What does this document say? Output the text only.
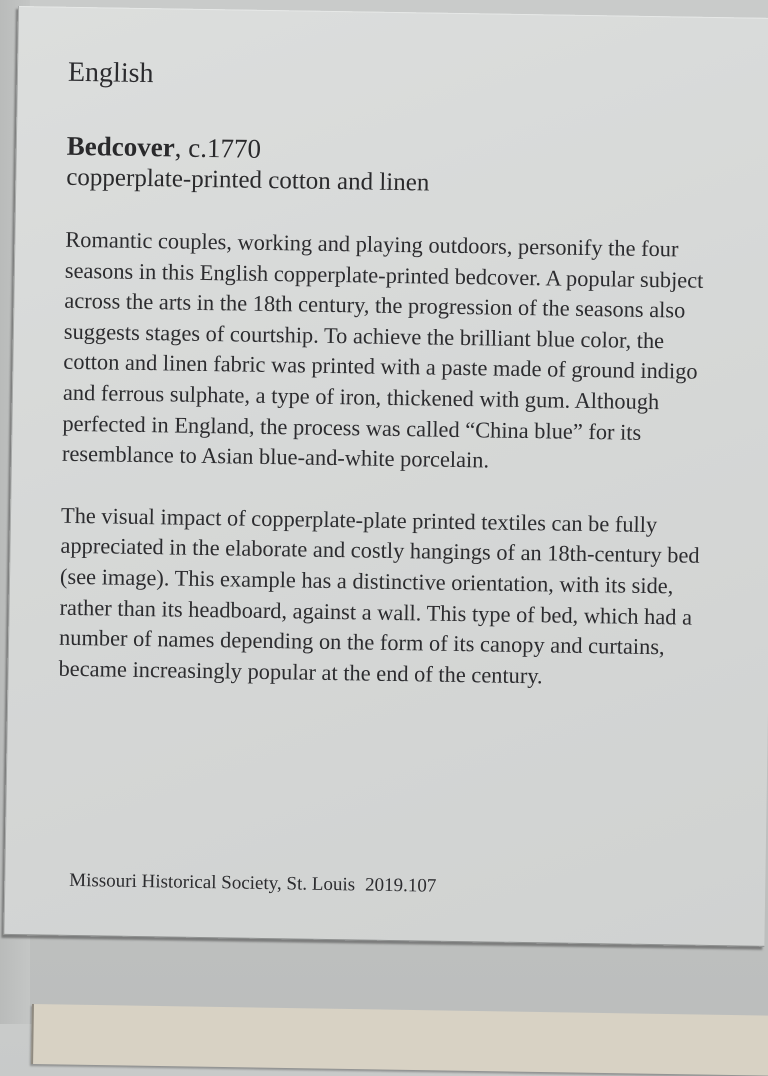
English

Bedcover, c.1770

copperplate-printed cotton and linen

Romantic couples, working and playing outdoors, personify the four seasons in this English copperplate-printed bedcover. A popular subject across the arts in the 18th century, the progression of the seasons also suggests stages of courtship. To achieve the brilliant blue color, the cotton and linen fabric was printed with a paste made of ground indigo and ferrous sulphate, a type of iron, thickened with gum. Although perfected in England, the process was called “China blue” for its resemblance to Asian blue-and-white porcelain.

The visual impact of copperplate-plate printed textiles can be fully appreciated in the elaborate and costly hangings of an 18th-century bed (see image). This example has a distinctive orientation, with its side, rather than its headboard, against a wall. This type of bed, which had a number of names depending on the form of its canopy and curtains, became increasingly popular at the end of the century.

Missouri Historical Society, St. Louis 2019.107
